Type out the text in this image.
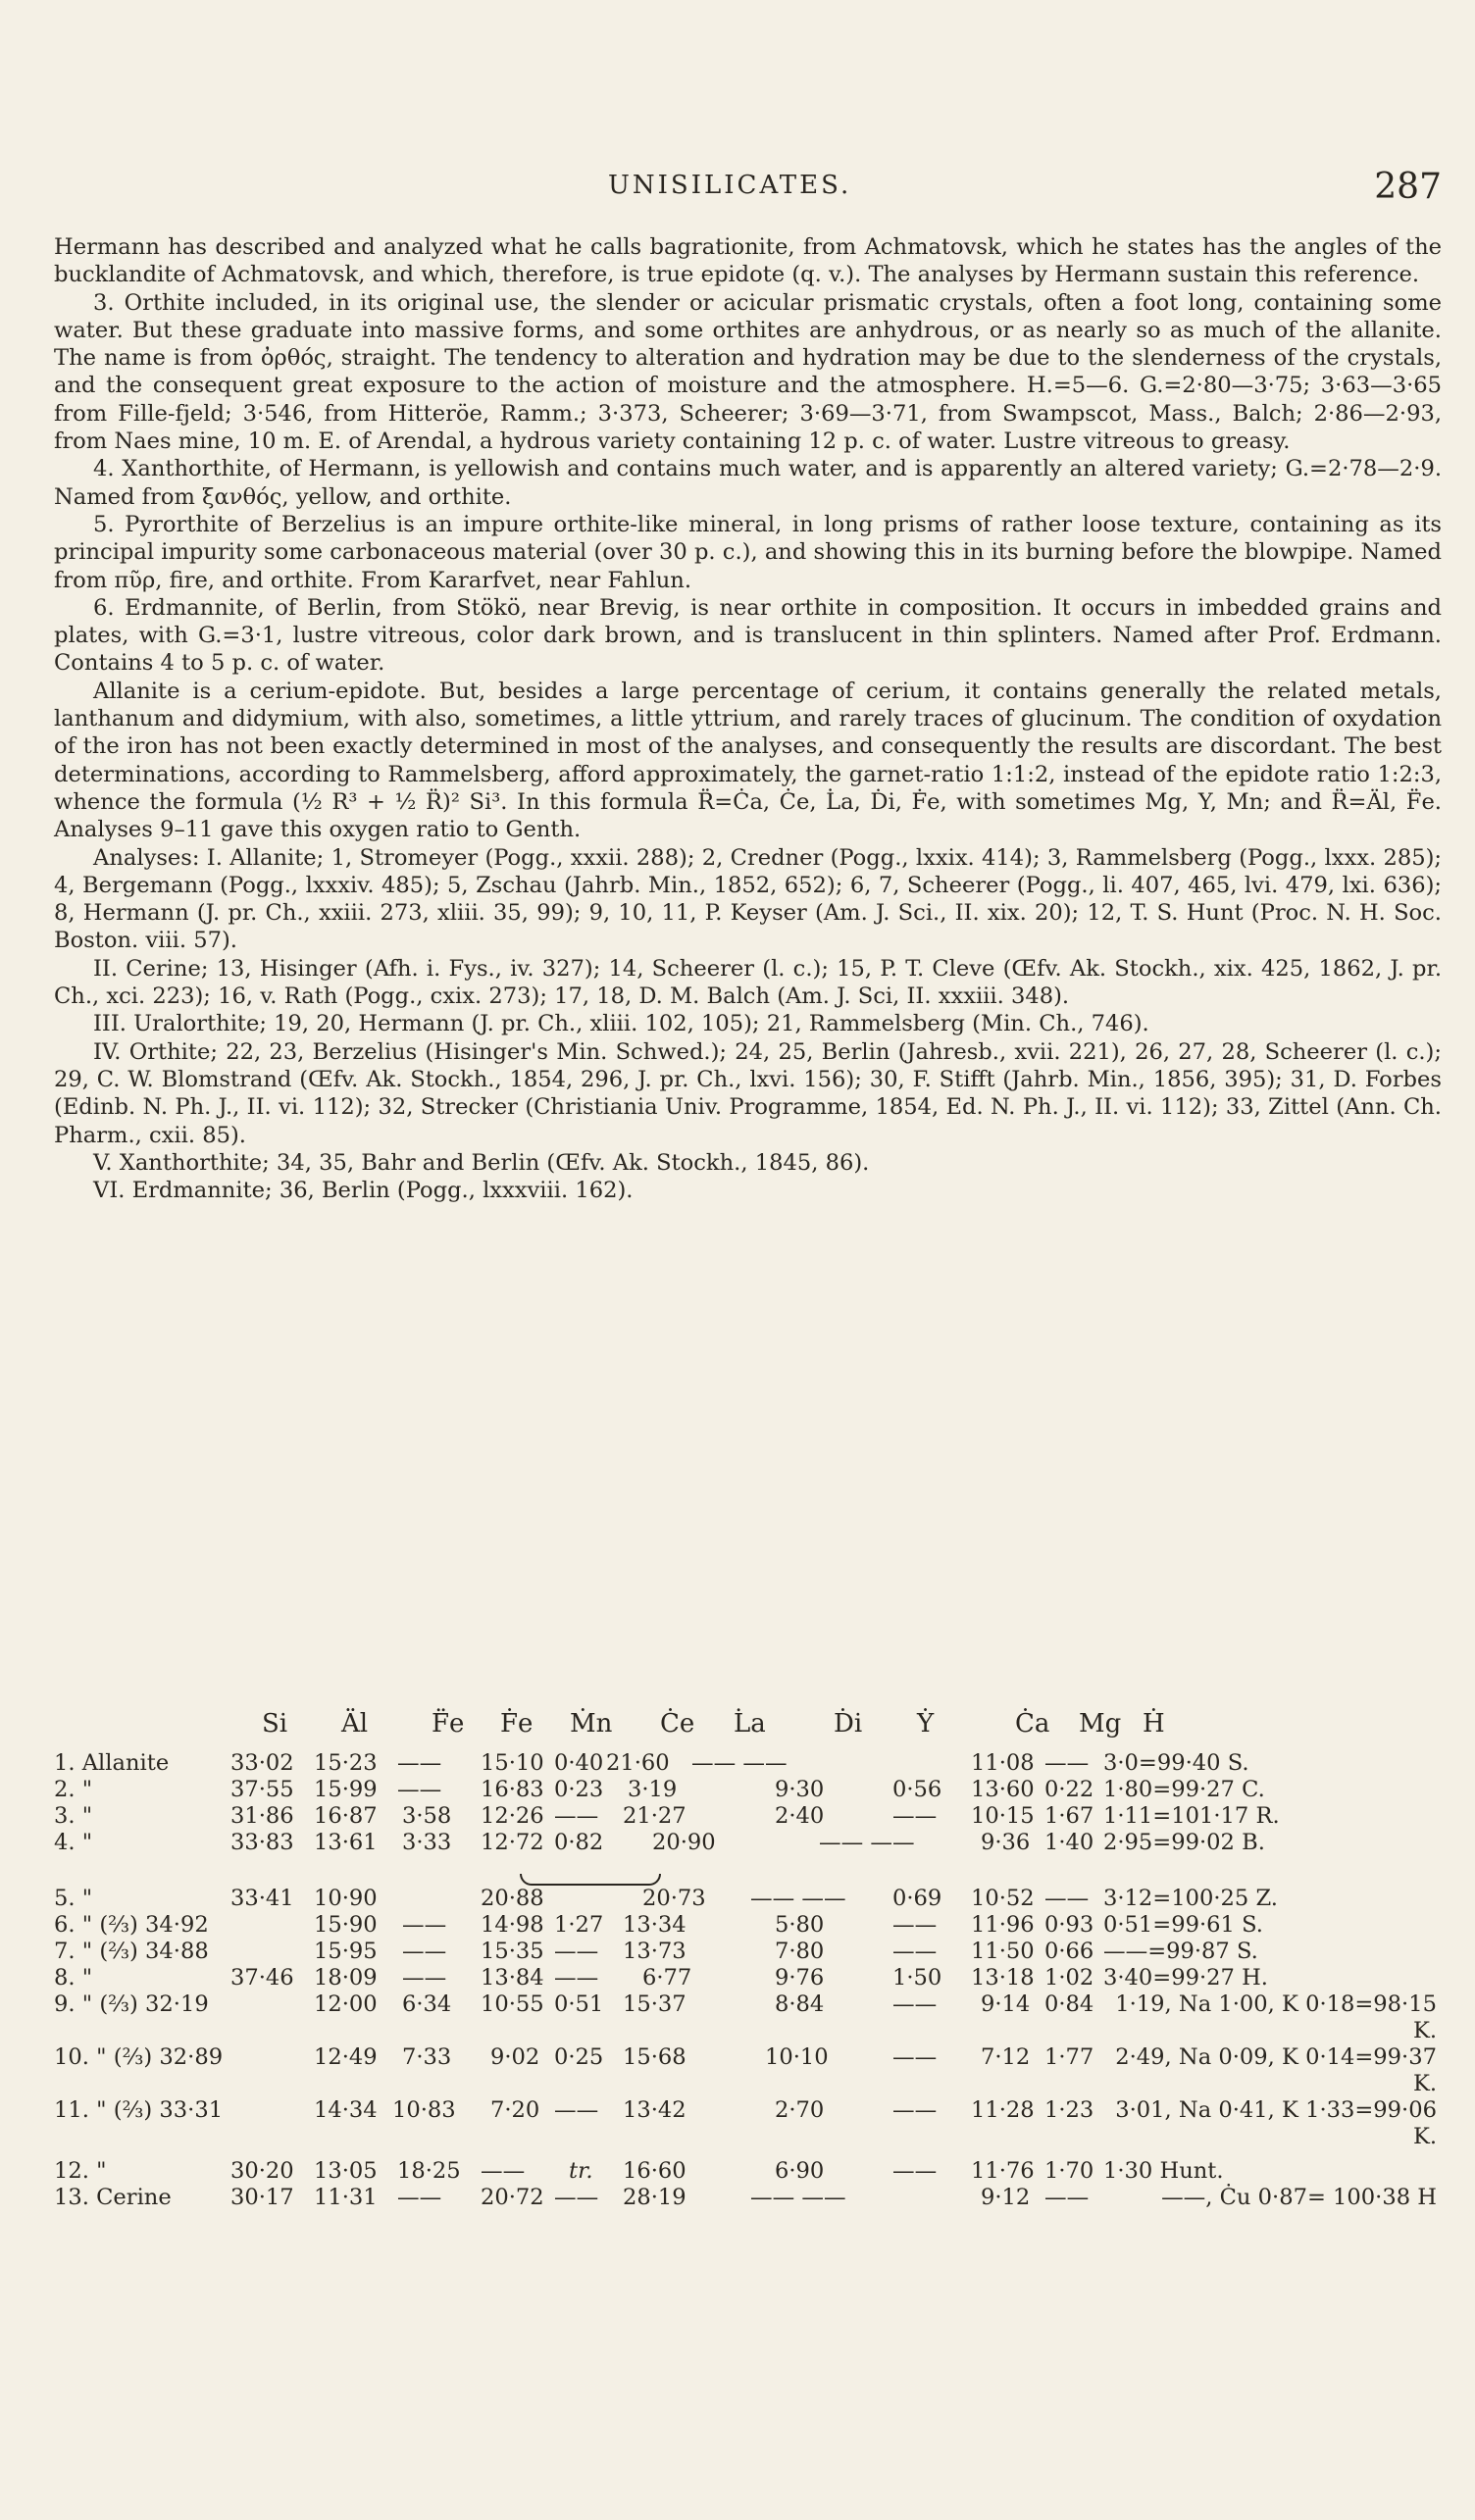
UNISILICATES.	287

Hermann has described and analyzed what he calls bagrationite, from Achmatovsk, which he states has the angles of the bucklandite of Achmatovsk, and which, therefore, is true epidote (q. v.). The analyses by Hermann sustain this reference.

3. Orthite included, in its original use, the slender or acicular prismatic crystals, often a foot long, containing some water. But these graduate into massive forms, and some orthites are anhydrous, or as nearly so as much of the allanite. The name is from ὀρθός, straight. The tendency to alteration and hydration may be due to the slenderness of the crystals, and the consequent great exposure to the action of moisture and the atmosphere. H.=5—6. G.=2·80—3·75; 3·63—3·65 from Fille-fjeld; 3·546, from Hitteröe, Ramm.; 3·373, Scheerer; 3·69—3·71, from Swampscot, Mass., Balch; 2·86—2·93, from Naes mine, 10 m. E. of Arendal, a hydrous variety containing 12 p. c. of water. Lustre vitreous to greasy.

4. Xanthorthite, of Hermann, is yellowish and contains much water, and is apparently an altered variety; G.=2·78—2·9. Named from ξανθός, yellow, and orthite.

5. Pyrorthite of Berzelius is an impure orthite-like mineral, in long prisms of rather loose texture, containing as its principal impurity some carbonaceous material (over 30 p. c.), and showing this in its burning before the blowpipe. Named from πῦρ, fire, and orthite. From Kararfvet, near Fahlun.

6. Erdmannite, of Berlin, from Stökö, near Brevig, is near orthite in composition. It occurs in imbedded grains and plates, with G.=3·1, lustre vitreous, color dark brown, and is translucent in thin splinters. Named after Prof. Erdmann. Contains 4 to 5 p. c. of water.

Allanite is a cerium-epidote. But, besides a large percentage of cerium, it contains generally the related metals, lanthanum and didymium, with also, sometimes, a little yttrium, and rarely traces of glucinum. The condition of oxydation of the iron has not been exactly determined in most of the analyses, and consequently the results are discordant. The best determinations, according to Rammelsberg, afford approximately, the garnet-ratio 1:1:2, instead of the epidote ratio 1:2:3, whence the formula (½ R³ + ½ R̈)² Si³. In this formula R̈=Ċa, Ċe, L̇a, Ḋi, Ḟe, with sometimes Mg, Y, Mn; and R̈=Äl, F̈e. Analyses 9–11 gave this oxygen ratio to Genth.

Analyses: I. Allanite; 1, Stromeyer (Pogg., xxxii. 288); 2, Credner (Pogg., lxxix. 414); 3, Rammelsberg (Pogg., lxxx. 285); 4, Bergemann (Pogg., lxxxiv. 485); 5, Zschau (Jahrb. Min., 1852, 652); 6, 7, Scheerer (Pogg., li. 407, 465, lvi. 479, lxi. 636); 8, Hermann (J. pr. Ch., xxiii. 273, xliii. 35, 99); 9, 10, 11, P. Keyser (Am. J. Sci., II. xix. 20); 12, T. S. Hunt (Proc. N. H. Soc. Boston. viii. 57).

II. Cerine; 13, Hisinger (Afh. i. Fys., iv. 327); 14, Scheerer (l. c.); 15, P. T. Cleve (Œfv. Ak. Stockh., xix. 425, 1862, J. pr. Ch., xci. 223); 16, v. Rath (Pogg., cxix. 273); 17, 18, D. M. Balch (Am. J. Sci, II. xxxiii. 348).

III. Uralorthite; 19, 20, Hermann (J. pr. Ch., xliii. 102, 105); 21, Rammelsberg (Min. Ch., 746).

IV. Orthite; 22, 23, Berzelius (Hisinger's Min. Schwed.); 24, 25, Berlin (Jahresb., xvii. 221), 26, 27, 28, Scheerer (l. c.); 29, C. W. Blomstrand (Œfv. Ak. Stockh., 1854, 296, J. pr. Ch., lxvi. 156); 30, F. Stifft (Jahrb. Min., 1856, 395); 31, D. Forbes (Edinb. N. Ph. J., II. vi. 112); 32, Strecker (Christiania Univ. Programme, 1854, Ed. N. Ph. J., II. vi. 112); 33, Zittel (Ann. Ch. Pharm., cxii. 85).

V. Xanthorthite; 34, 35, Bahr and Berlin (Œfv. Ak. Stockh., 1845, 86).

VI. Erdmannite; 36, Berlin (Pogg., lxxxviii. 162).

Si Äl F̈e Ḟe Ṁn Ċe L̇a	Ḋi Ẏ	Ċa Mg Ḣ
1. Allanite	33·02 15·23 —— 15·10 0·40 21·60 —— ——	11·08 —— 3·0=99·40 S.
2. "	37·55 15·99 —— 16·83 0·23 3·19	9·30	0·56 13·60 0·22 1·80=99·27 C.
3. "	31·86 16·87 3·58 12·26 —— 21·27	2·40	—— 10·15 1·67 1·11=101·17 R.
4. "	33·83 13·61 3·33 12·72 0·82 20·90	—— ——	9·36 1·40 2·95=99·02 B.
5. "	33·41 10·90	20·88	20·73 —— —— 0·69 10·52 —— 3·12=100·25 Z.
6. " (⅔) 34·92	15·90 —— 14·98 1·27 13·34	5·80	—— 11·96 0·93 0·51=99·61 S.
7. " (⅔) 34·88	15·95 —— 15·35 —— 13·73	7·80	—— 11·50 0·66 ——=99·87 S.
8. "	37·46 18·09 —— 13·84 —— 6·77	9·76	1·50 13·18 1·02 3·40=99·27 H.
9. " (⅔) 32·19	12·00 6·34 10·55 0·51 15·37	8·84	—— 9·14 0·84 1·19, Na 1·00, K 0·18=98·15 K.
10. " (⅔) 32·89	12·49 7·33 9·02 0·25 15·68	10·10	—— 7·12 1·77 2·49, Na 0·09, K 0·14=99·37 K.
11. " (⅔) 33·31	14·34 10·83 7·20 —— 13·42	2·70	—— 11·28 1·23 3·01, Na 0·41, K 1·33=99·06 K.
12. "	30·20 13·05 18·25 —— tr. 16·60	6·90	—— 11·76 1·70 1·30 Hunt.
13. Cerine	30·17 11·31 —— 20·72 —— 28·19	—— ——	9·12 ——	——, Ċu 0·87= 100·38 H
